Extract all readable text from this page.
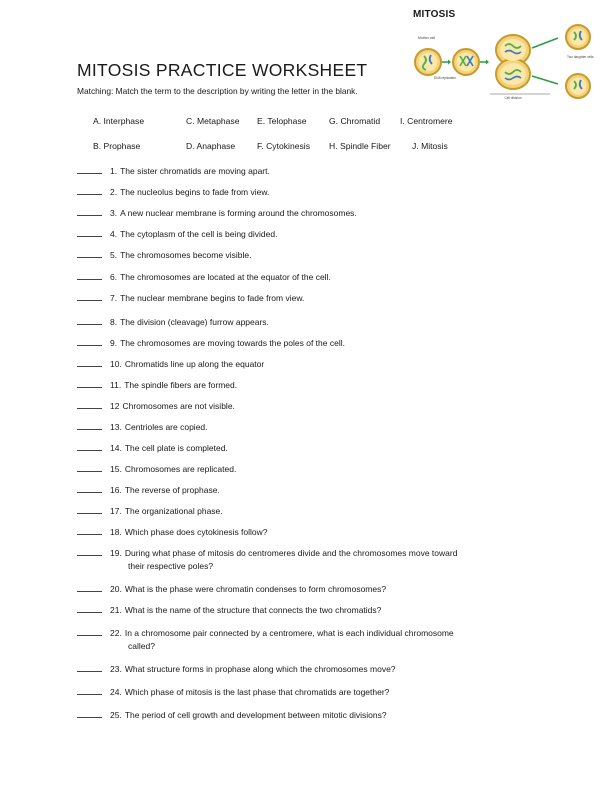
MITOSIS
Mother cell
DNA replication
Cell division
Two daughter cells
MITOSIS PRACTICE WORKSHEET
Matching: Match the term to the description by writing the letter in the blank.
A. Interphase	C. Metaphase E. Telophase	G. Chromatid I. Centromere
B. Prophase	D. Anaphase	F. Cytokinesis H. Spindle Fiber J. Mitosis
1. The sister chromatids are moving apart.
2. The nucleolus begins to fade from view.
3. A new nuclear membrane is forming around the chromosomes.
4. The cytoplasm of the cell is being divided.
5. The chromosomes become visible.
6. The chromosomes are located at the equator of the cell.
7. The nuclear membrane begins to fade from view.
8. The division (cleavage) furrow appears.
9. The chromosomes are moving towards the poles of the cell.
10. Chromatids line up along the equator
11. The spindle fibers are formed.
12 Chromosomes are not visible.
13. Centrioles are copied.
14. The cell plate is completed.
15. Chromosomes are replicated.
16. The reverse of prophase.
17. The organizational phase.
18. Which phase does cytokinesis follow?
19. During what phase of mitosis do centromeres divide and the chromosomes move toward
their respective poles?
20. What is the phase were chromatin condenses to form chromosomes?
21. What is the name of the structure that connects the two chromatids?
22. In a chromosome pair connected by a centromere, what is each individual chromosome
called?
23. What structure forms in prophase along which the chromosomes move?
24. Which phase of mitosis is the last phase that chromatids are together?
25. The period of cell growth and development between mitotic divisions?
